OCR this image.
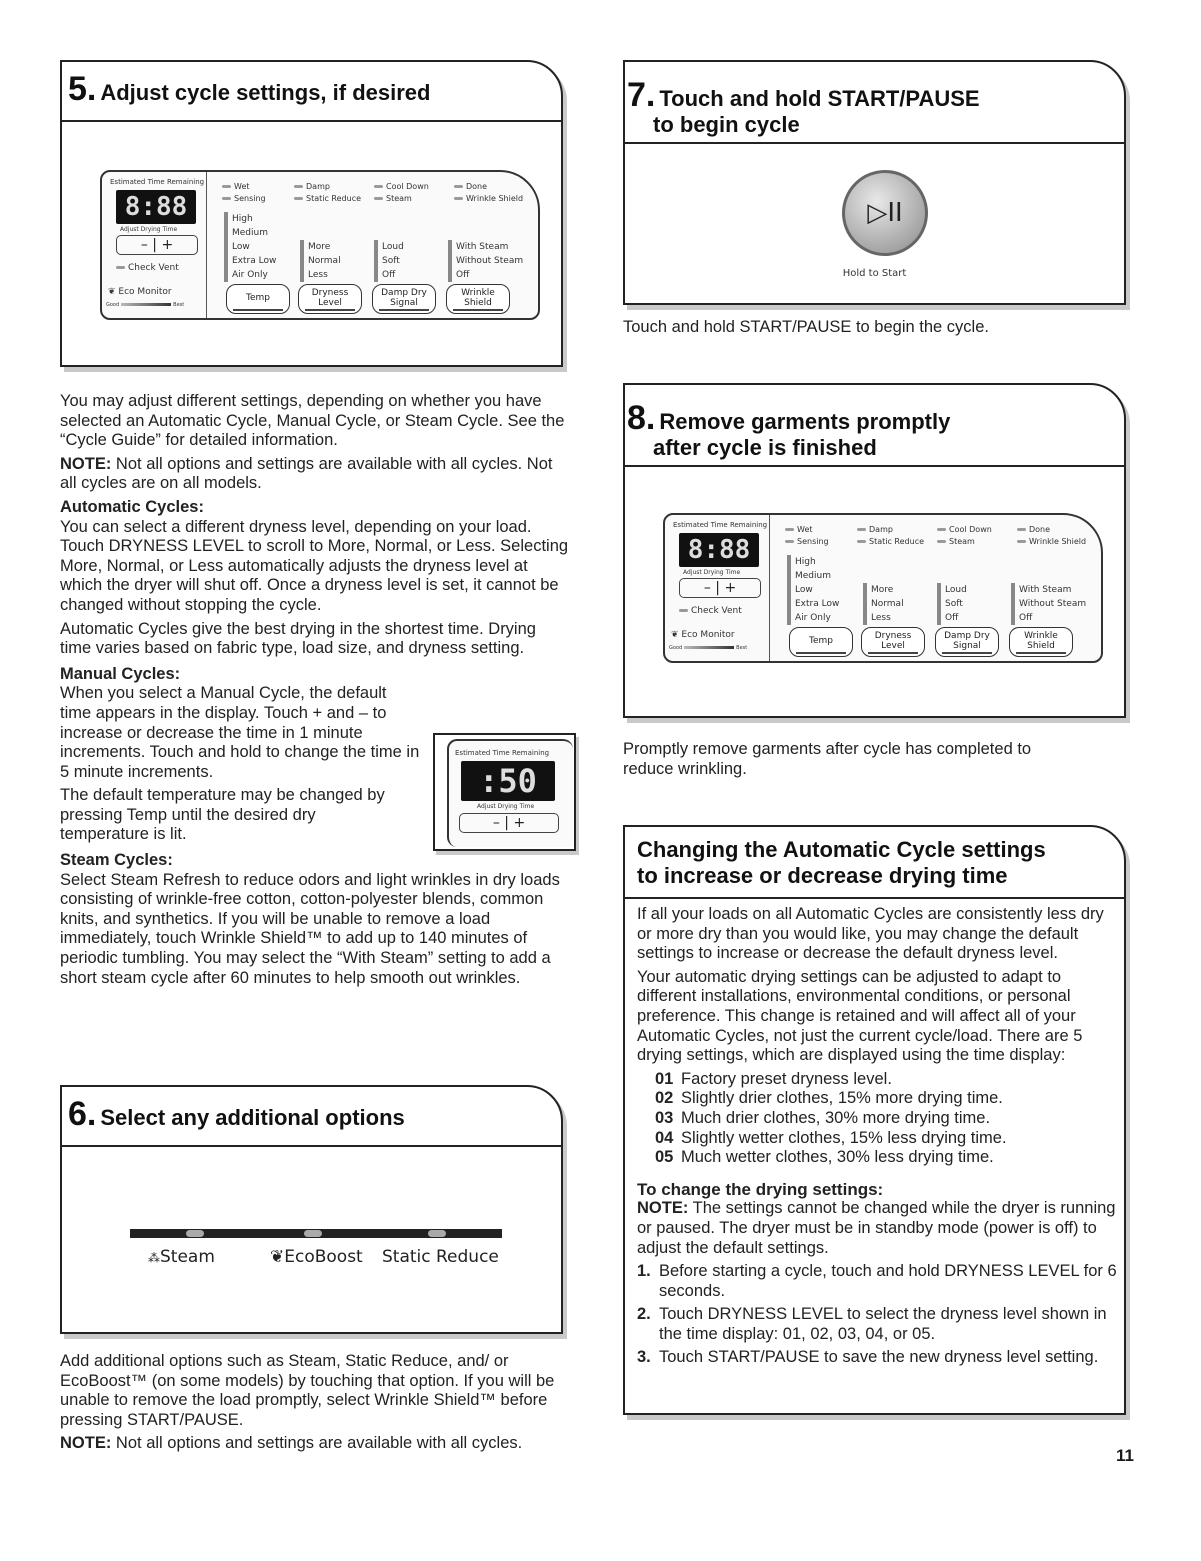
5. Adjust cycle settings, if desired
Estimated Time Remaining
8:88
Adjust Drying Time
– | +
Check Vent
❦ Eco Monitor
Good	Best
Wet	Damp	Cool Down	Done
Sensing	Static Reduce	Steam	Wrinkle Shield
High
Medium
Low
Extra Low
Air Only
More
Normal
Less
Loud
Soft
Off
With Steam
Without Steam
Off
Temp	Dryness
Level
Damp Dry
Signal
Wrinkle
Shield

You may adjust different settings, depending on whether you have selected an Automatic Cycle, Manual Cycle, or Steam Cycle. See the “Cycle Guide” for detailed information.

NOTE: Not all options and settings are available with all cycles. Not all cycles are on all models.

Automatic Cycles:

You can select a different dryness level, depending on your load. Touch DRYNESS LEVEL to scroll to More, Normal, or Less. Selecting More, Normal, or Less automatically adjusts the dryness level at which the dryer will shut off. Once a dryness level is set, it cannot be changed without stopping the cycle.

Automatic Cycles give the best drying in the shortest time. Drying time varies based on fabric type, load size, and dryness setting.

Manual Cycles:

When you select a Manual Cycle, the default time appears in the display. Touch + and – to increase or decrease the time in 1 minute increments. Touch and hold to change the time in 5 minute increments.

The default temperature may be changed by pressing Temp until the desired dry temperature is lit.

Steam Cycles:

Select Steam Refresh to reduce odors and light wrinkles in dry loads consisting of wrinkle-free cotton, cotton-polyester blends, common knits, and synthetics. If you will be unable to remove a load immediately, touch Wrinkle Shield™ to add up to 140 minutes of periodic tumbling. You may select the “With Steam” setting to add a short steam cycle after 60 minutes to help smooth out wrinkles.

Estimated Time Remaining
:50
Adjust Drying Time
– | +
6. Select any additional options
⁂Steam	❦EcoBoost Static Reduce

Add additional options such as Steam, Static Reduce, and/ or EcoBoost™ (on some models) by touching that option. If you will be unable to remove the load promptly, select Wrinkle Shield™ before pressing START/PAUSE.

NOTE: Not all options and settings are available with all cycles.

7. Touch and hold START/PAUSE
to begin cycle
▷II
Hold to Start
Touch and hold START/PAUSE to begin the cycle.
8. Remove garments promptly
after cycle is finished
Estimated Time Remaining
8:88
Adjust Drying Time
– | +
Check Vent
❦ Eco Monitor
Good	Best
Wet	Damp	Cool Down	Done
Sensing	Static Reduce	Steam	Wrinkle Shield
High
Medium
Low
Extra Low
Air Only
More
Normal
Less
Loud
Soft
Off
With Steam
Without Steam
Off
Temp	Dryness
Level
Damp Dry
Signal
Wrinkle
Shield
Promptly remove garments after cycle has completed to reduce wrinkling.
Changing the Automatic Cycle settings
to increase or decrease drying time

If all your loads on all Automatic Cycles are consistently less dry or more dry than you would like, you may change the default settings to increase or decrease the default dryness level.

Your automatic drying settings can be adjusted to adapt to different installations, environmental conditions, or personal preference. This change is retained and will affect all of your Automatic Cycles, not just the current cycle/load. There are 5 drying settings, which are displayed using the time display:

01 Factory preset dryness level.
02 Slightly drier clothes, 15% more drying time.
03 Much drier clothes, 30% more drying time.
04 Slightly wetter clothes, 15% less drying time.
05 Much wetter clothes, 30% less drying time.
To change the drying settings:

NOTE: The settings cannot be changed while the dryer is running or paused. The dryer must be in standby mode (power is off) to adjust the default settings.

1. Before starting a cycle, touch and hold DRYNESS LEVEL for 6 seconds.
2. Touch DRYNESS LEVEL to select the dryness level shown in the time display: 01, 02, 03, 04, or 05.
3. Touch START/PAUSE to save the new dryness level setting.
11
